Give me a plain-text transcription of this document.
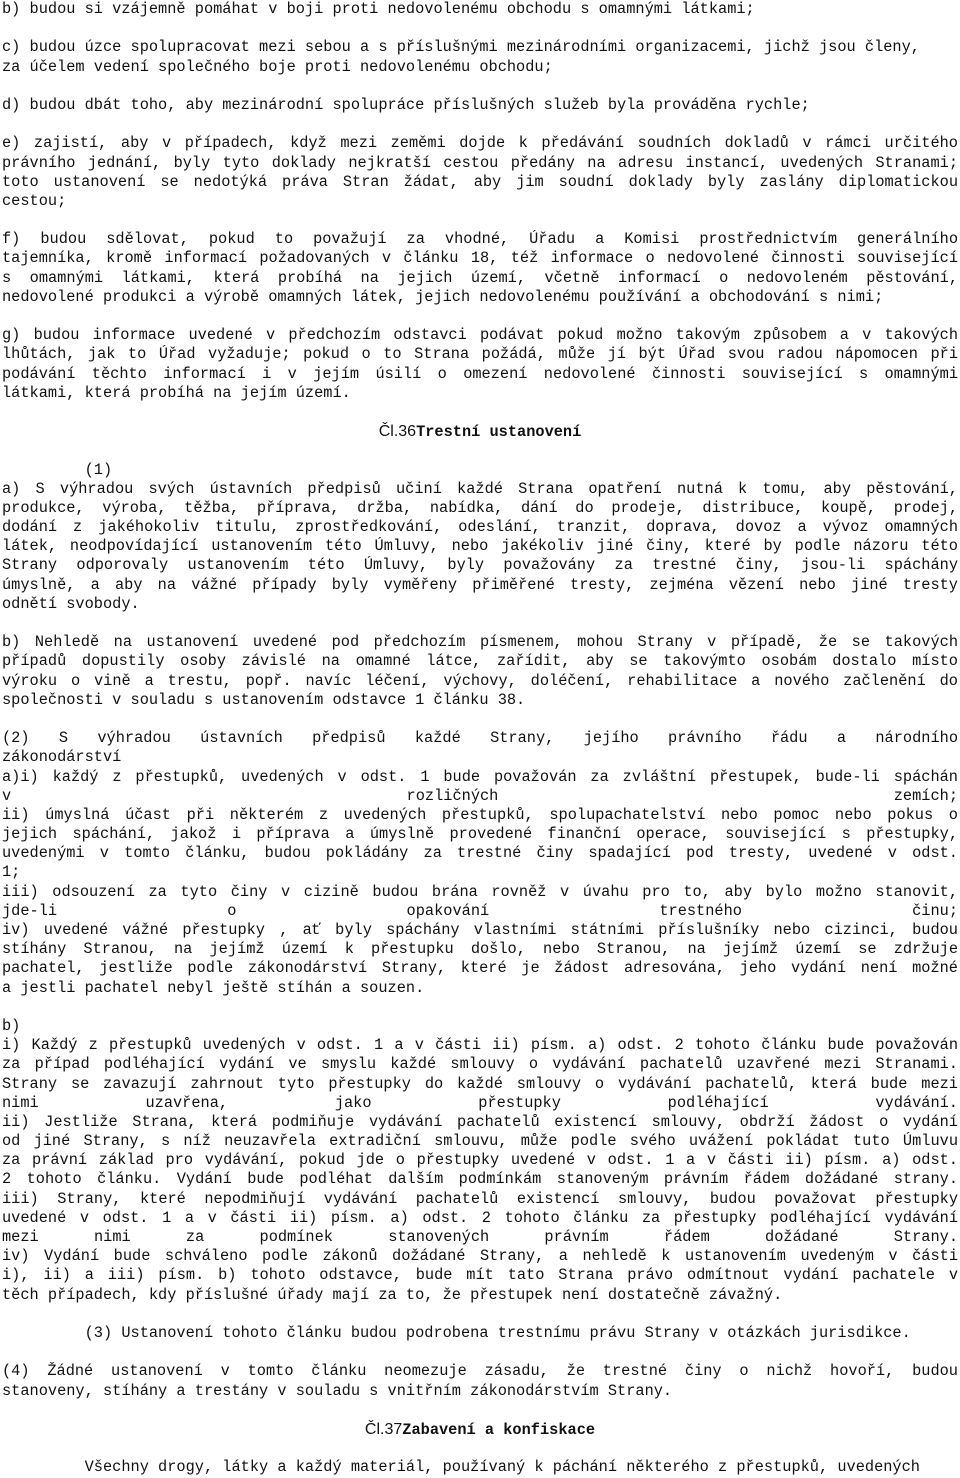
b) budou si vzájemně pomáhat v boji proti nedovolenému obchodu s omamnými látkami;
c) budou úzce spolupracovat mezi sebou a s příslušnými mezinárodními organizacemi, jichž jsou členy,
za účelem vedení společného boje proti nedovolenému obchodu;
d) budou dbát toho, aby mezinárodní spolupráce příslušných služeb byla prováděna rychle;
e) zajistí, aby v případech, když mezi zeměmi dojde k předávání soudních dokladů v rámci určitého
právního jednání, byly tyto doklady nejkratší cestou předány na adresu instancí, uvedených Stranami;
toto ustanovení se nedotýká práva Stran žádat, aby jim soudní doklady byly zaslány diplomatickou
cestou;
f) budou sdělovat, pokud to považují za vhodné, Úřadu a Komisi prostřednictvím generálního
tajemníka, kromě informací požadovaných v článku 18, též informace o nedovolené činnosti související
s omamnými látkami, která probíhá na jejich území, včetně informací o nedovoleném pěstování,
nedovolené produkci a výrobě omamných látek, jejich nedovolenému používání a obchodování s nimi;
g) budou informace uvedené v předchozím odstavci podávat pokud možno takovým způsobem a v takových
lhůtách, jak to Úřad vyžaduje; pokud o to Strana požádá, může jí být Úřad svou radou nápomocen při
podávání těchto informací i v jejím úsilí o omezení nedovolené činnosti související s omamnými
látkami, která probíhá na jejím území.
Čl.36Trestní ustanovení
(1)
a) S výhradou svých ústavních předpisů učiní každé Strana opatření nutná k tomu, aby pěstování,
produkce, výroba, těžba, příprava, držba, nabídka, dání do prodeje, distribuce, koupě, prodej,
dodání z jakéhokoliv titulu, zprostředkování, odeslání, tranzit, doprava, dovoz a vývoz omamných
látek, neodpovídající ustanovením této Úmluvy, nebo jakékoliv jiné činy, které by podle názoru této
Strany odporovaly ustanovením této Úmluvy, byly považovány za trestné činy, jsou-li spáchány
úmyslně, a aby na vážné případy byly vyměřeny přiměřené tresty, zejména vězení nebo jiné tresty
odnětí svobody.
b) Nehledě na ustanovení uvedené pod předchozím písmenem, mohou Strany v případě, že se takových
případů dopustily osoby závislé na omamné látce, zařídit, aby se takovýmto osobám dostalo místo
výroku o vině a trestu, popř. navíc léčení, výchovy, doléčení, rehabilitace a nového začlenění do
společnosti v souladu s ustanovením odstavce 1 článku 38.
(2) S výhradou ústavních předpisů každé Strany, jejího právního řádu a národního
zákonodárství
a)i) každý z přestupků, uvedených v odst. 1 bude považován za zvláštní přestupek, bude-li spáchán
v rozličných zemích;
ii) úmyslná účast při některém z uvedených přestupků, spolupachatelství nebo pomoc nebo pokus o
jejich spáchání, jakož i příprava a úmyslně provedené finanční operace, související s přestupky,
uvedenými v tomto článku, budou pokládány za trestné činy spadající pod tresty, uvedené v odst.
1;
iii) odsouzení za tyto činy v cizině budou brána rovněž v úvahu pro to, aby bylo možno stanovit,
jde-li o opakování trestného činu;
iv) uvedené vážné přestupky , ať byly spáchány vlastními státními příslušníky nebo cizinci, budou
stíhány Stranou, na jejímž území k přestupku došlo, nebo Stranou, na jejímž území se zdržuje
pachatel, jestliže podle zákonodárství Strany, které je žádost adresována, jeho vydání není možné
a jestli pachatel nebyl ještě stíhán a souzen.
b)
i) Každý z přestupků uvedených v odst. 1 a v části ii) písm. a) odst. 2 tohoto článku bude považován
za případ podléhající vydání ve smyslu každé smlouvy o vydávání pachatelů uzavřené mezi Stranami.
Strany se zavazují zahrnout tyto přestupky do každé smlouvy o vydávání pachatelů, která bude mezi
nimi uzavřena, jako přestupky podléhající vydávání.
ii) Jestliže Strana, která podmiňuje vydávání pachatelů existencí smlouvy, obdrží žádost o vydání
od jiné Strany, s níž neuzavřela extradiční smlouvu, může podle svého uvážení pokládat tuto Úmluvu
za právní základ pro vydávání, pokud jde o přestupky uvedené v odst. 1 a v části ii) písm. a) odst.
2 tohoto článku. Vydání bude podléhat dalším podmínkám stanoveným právním řádem dožádané strany.
iii) Strany, které nepodmiňují vydávání pachatelů existencí smlouvy, budou považovat přestupky
uvedené v odst. 1 a v části ii) písm. a) odst. 2 tohoto článku za přestupky podléhající vydávání
mezi nimi za podmínek stanovených právním řádem dožádané Strany.
iv) Vydání bude schváleno podle zákonů dožádané Strany, a nehledě k ustanovením uvedeným v části
i), ii) a iii) písm. b) tohoto odstavce, bude mít tato Strana právo odmítnout vydání pachatele v
těch případech, kdy příslušné úřady mají za to, že přestupek není dostatečně závažný.
(3) Ustanovení tohoto článku budou podrobena trestnímu právu Strany v otázkách jurisdikce.
(4) Žádné ustanovení v tomto článku neomezuje zásadu, že trestné činy o nichž hovoří, budou
stanoveny, stíhány a trestány v souladu s vnitřním zákonodárstvím Strany.
Čl.37Zabavení a konfiskace
Všechny drogy, látky a každý materiál, používaný k páchání některého z přestupků, uvedených
